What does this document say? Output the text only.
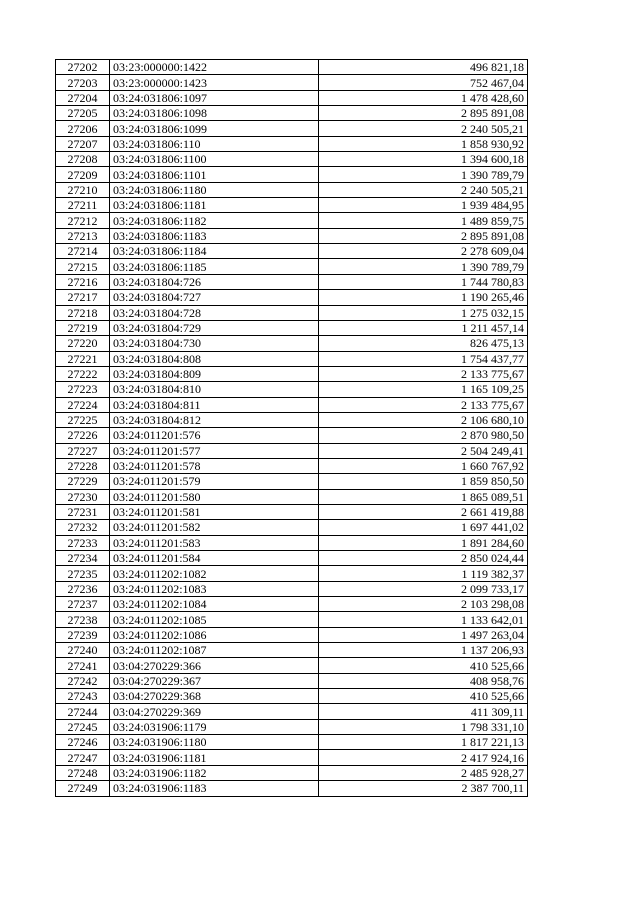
27202	03:23:000000:1422	496 821,18
27203	03:23:000000:1423	752 467,04
27204	03:24:031806:1097	1 478 428,60
27205	03:24:031806:1098	2 895 891,08
27206	03:24:031806:1099	2 240 505,21
27207	03:24:031806:110	1 858 930,92
27208	03:24:031806:1100	1 394 600,18
27209	03:24:031806:1101	1 390 789,79
27210	03:24:031806:1180	2 240 505,21
27211	03:24:031806:1181	1 939 484,95
27212	03:24:031806:1182	1 489 859,75
27213	03:24:031806:1183	2 895 891,08
27214	03:24:031806:1184	2 278 609,04
27215	03:24:031806:1185	1 390 789,79
27216	03:24:031804:726	1 744 780,83
27217	03:24:031804:727	1 190 265,46
27218	03:24:031804:728	1 275 032,15
27219	03:24:031804:729	1 211 457,14
27220	03:24:031804:730	826 475,13
27221	03:24:031804:808	1 754 437,77
27222	03:24:031804:809	2 133 775,67
27223	03:24:031804:810	1 165 109,25
27224	03:24:031804:811	2 133 775,67
27225	03:24:031804:812	2 106 680,10
27226	03:24:011201:576	2 870 980,50
27227	03:24:011201:577	2 504 249,41
27228	03:24:011201:578	1 660 767,92
27229	03:24:011201:579	1 859 850,50
27230	03:24:011201:580	1 865 089,51
27231	03:24:011201:581	2 661 419,88
27232	03:24:011201:582	1 697 441,02
27233	03:24:011201:583	1 891 284,60
27234	03:24:011201:584	2 850 024,44
27235	03:24:011202:1082	1 119 382,37
27236	03:24:011202:1083	2 099 733,17
27237	03:24:011202:1084	2 103 298,08
27238	03:24:011202:1085	1 133 642,01
27239	03:24:011202:1086	1 497 263,04
27240	03:24:011202:1087	1 137 206,93
27241	03:04:270229:366	410 525,66
27242	03:04:270229:367	408 958,76
27243	03:04:270229:368	410 525,66
27244	03:04:270229:369	411 309,11
27245	03:24:031906:1179	1 798 331,10
27246	03:24:031906:1180	1 817 221,13
27247	03:24:031906:1181	2 417 924,16
27248	03:24:031906:1182	2 485 928,27
27249	03:24:031906:1183	2 387 700,11
